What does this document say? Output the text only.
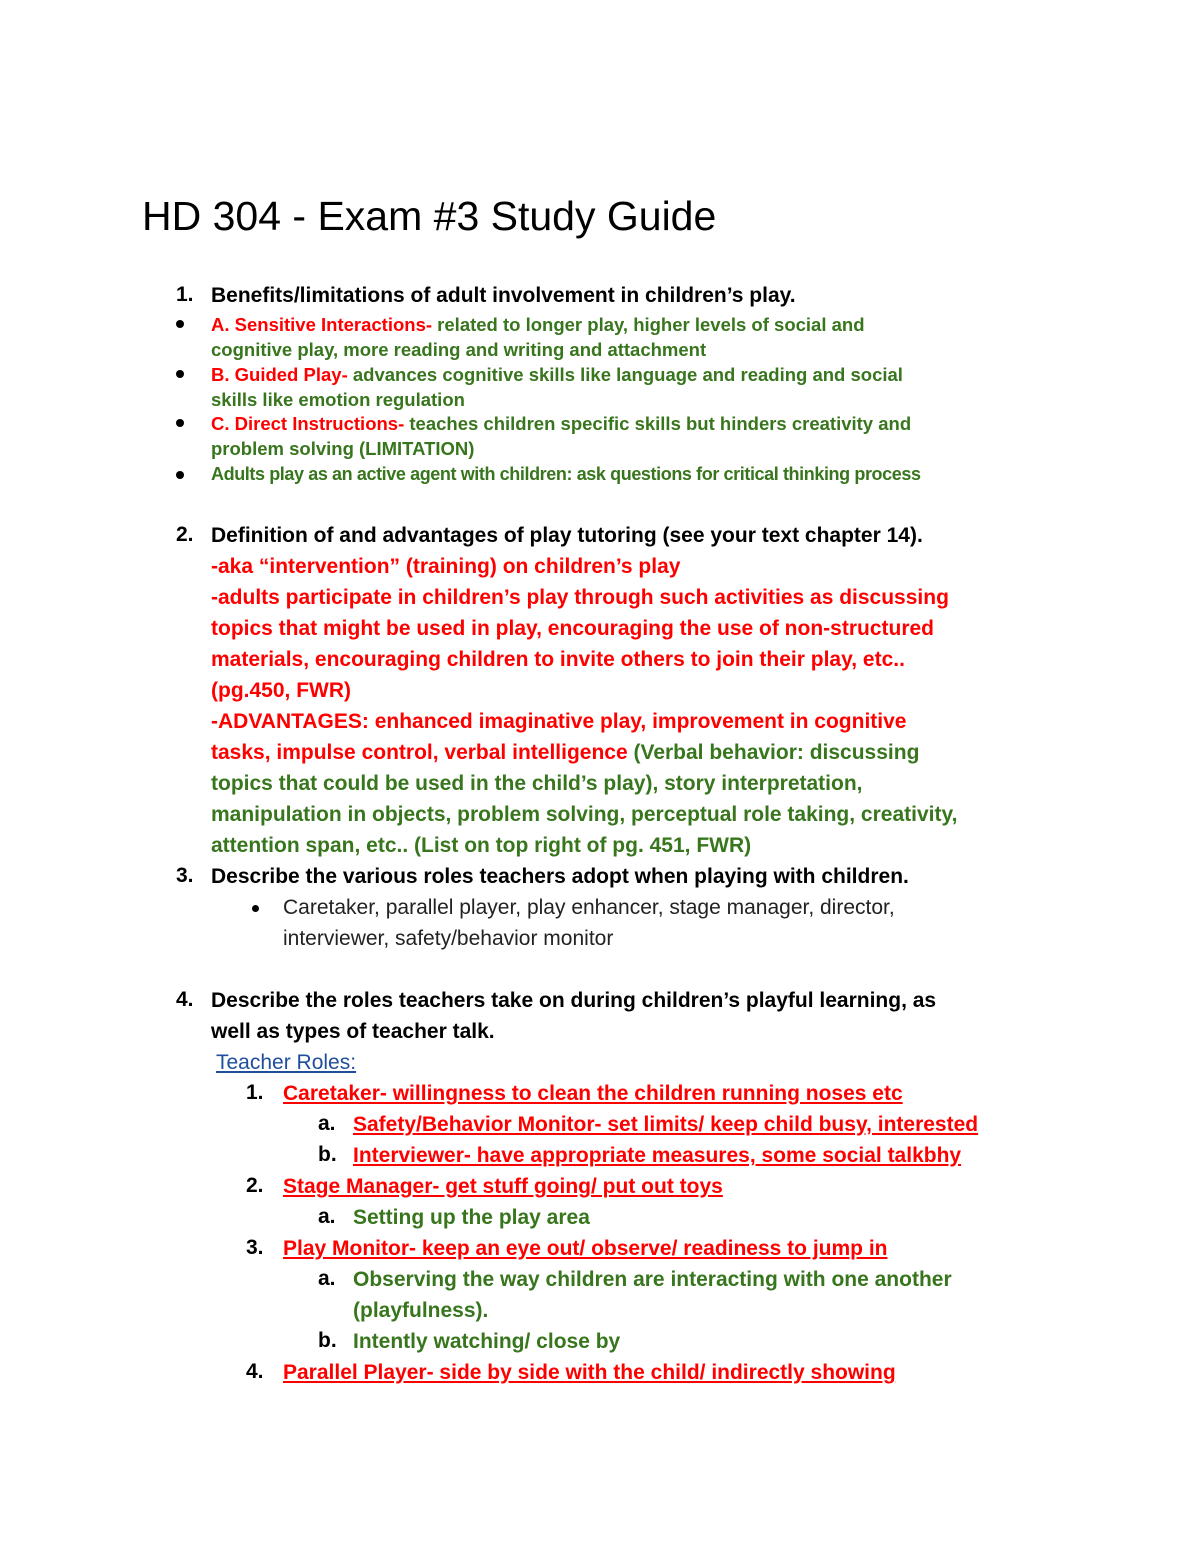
HD 304 - Exam #3 Study Guide
1. Benefits/limitations of adult involvement in children’s play.
A. Sensitive Interactions- related to longer play, higher levels of social and
cognitive play, more reading and writing and attachment
B. Guided Play- advances cognitive skills like language and reading and social
skills like emotion regulation
C. Direct Instructions- teaches children specific skills but hinders creativity and
problem solving (LIMITATION)
Adults play as an active agent with children: ask questions for critical thinking process
2. Definition of and advantages of play tutoring (see your text chapter 14).
-aka “intervention” (training) on children’s play
-adults participate in children’s play through such activities as discussing
topics that might be used in play, encouraging the use of non-structured
materials, encouraging children to invite others to join their play, etc..
(pg.450, FWR)
-ADVANTAGES: enhanced imaginative play, improvement in cognitive
tasks, impulse control, verbal intelligence (Verbal behavior: discussing
topics that could be used in the child’s play), story interpretation,
manipulation in objects, problem solving, perceptual role taking, creativity,
attention span, etc.. (List on top right of pg. 451, FWR)
3. Describe the various roles teachers adopt when playing with children.
Caretaker, parallel player, play enhancer, stage manager, director,
interviewer, safety/behavior monitor
4. Describe the roles teachers take on during children’s playful learning, as
well as types of teacher talk.
Teacher Roles:
1. Caretaker- willingness to clean the children running noses etc
a. Safety/Behavior Monitor- set limits/ keep child busy, interested
b. Interviewer- have appropriate measures, some social talkbhy
2. Stage Manager- get stuff going/ put out toys
a. Setting up the play area
3. Play Monitor- keep an eye out/ observe/ readiness to jump in
a. Observing the way children are interacting with one another
(playfulness).
b. Intently watching/ close by
4. Parallel Player- side by side with the child/ indirectly showing
